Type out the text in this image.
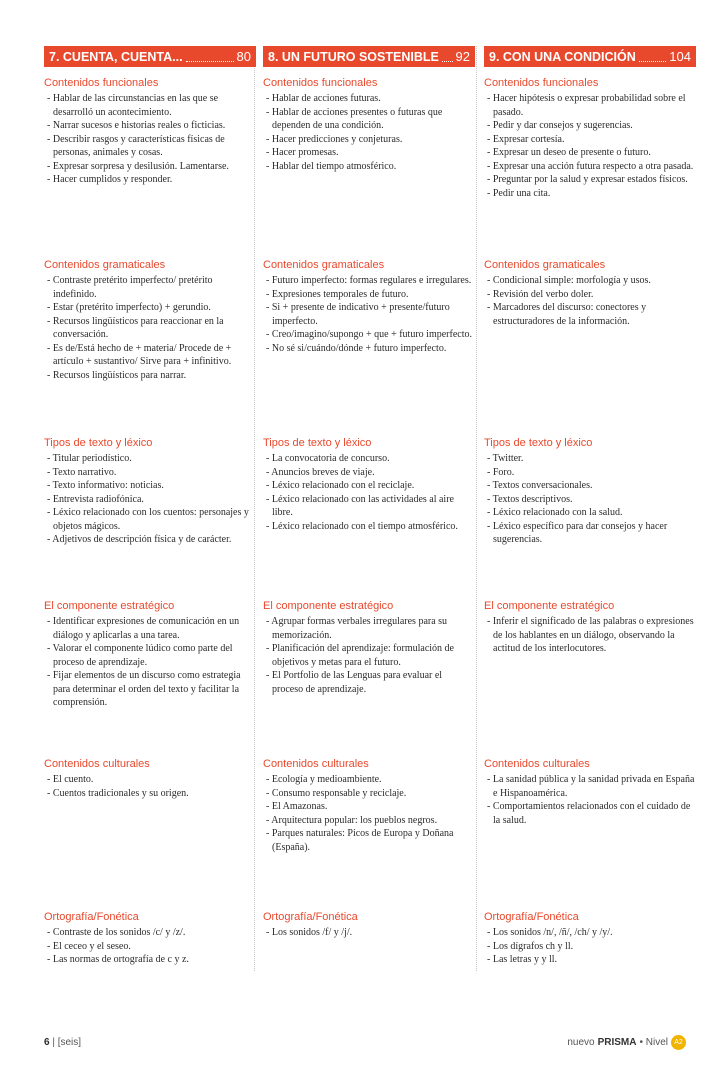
7. CUENTA, CUENTA...	80
Contenidos funcionales
- Hablar de las circunstancias en las que se desarrolló un acontecimiento.
- Narrar sucesos e historias reales o ficticias.
- Describir rasgos y características físicas de personas, animales y cosas.
- Expresar sorpresa y desilusión. Lamentarse.
- Hacer cumplidos y responder.
Contenidos gramaticales
- Contraste pretérito imperfecto/ pretérito indefinido.
- Estar (pretérito imperfecto) + gerundio.
- Recursos lingüísticos para reaccionar en la conversación.
- Es de/Está hecho de + materia/ Procede de + artículo + sustantivo/ Sirve para + infinitivo.
- Recursos lingüísticos para narrar.
Tipos de texto y léxico
- Titular periodístico.
- Texto narrativo.
- Texto informativo: noticias.
- Entrevista radiofónica.
- Léxico relacionado con los cuentos: personajes y objetos mágicos.
- Adjetivos de descripción física y de carácter.
El componente estratégico
- Identificar expresiones de comunicación en un diálogo y aplicarlas a una tarea.
- Valorar el componente lúdico como parte del proceso de aprendizaje.
- Fijar elementos de un discurso como estrategia para determinar el orden del texto y facilitar la comprensión.
Contenidos culturales
- El cuento.
- Cuentos tradicionales y su origen.
Ortografía/Fonética
- Contraste de los sonidos /c/ y /z/.
- El ceceo y el seseo.
- Las normas de ortografía de c y z.
8. UN FUTURO SOSTENIBLE 92
Contenidos funcionales
- Hablar de acciones futuras.
- Hablar de acciones presentes o futuras que dependen de una condición.
- Hacer predicciones y conjeturas.
- Hacer promesas.
- Hablar del tiempo atmosférico.
Contenidos gramaticales
- Futuro imperfecto: formas regulares e irregulares.
- Expresiones temporales de futuro.
- Si + presente de indicativo + presente/futuro imperfecto.
- Creo/imagino/supongo + que + futuro imperfecto.
- No sé si/cuándo/dónde + futuro imperfecto.
Tipos de texto y léxico
- La convocatoria de concurso.
- Anuncios breves de viaje.
- Léxico relacionado con el reciclaje.
- Léxico relacionado con las actividades al aire libre.
- Léxico relacionado con el tiempo atmosférico.
El componente estratégico
- Agrupar formas verbales irregulares para su memorización.
- Planificación del aprendizaje: formulación de objetivos y metas para el futuro.
- El Portfolio de las Lenguas para evaluar el proceso de aprendizaje.
Contenidos culturales
- Ecología y medioambiente.
- Consumo responsable y reciclaje.
- El Amazonas.
- Arquitectura popular: los pueblos negros.
- Parques naturales: Picos de Europa y Doñana (España).
Ortografía/Fonética
- Los sonidos /f/ y /j/.
9. CON UNA CONDICIÓN	104
Contenidos funcionales
- Hacer hipótesis o expresar probabilidad sobre el pasado.
- Pedir y dar consejos y sugerencias.
- Expresar cortesía.
- Expresar un deseo de presente o futuro.
- Expresar una acción futura respecto a otra pasada.
- Preguntar por la salud y expresar estados físicos.
- Pedir una cita.
Contenidos gramaticales
- Condicional simple: morfología y usos.
- Revisión del verbo doler.
- Marcadores del discurso: conectores y estructuradores de la información.
Tipos de texto y léxico
- Twitter.
- Foro.
- Textos conversacionales.
- Textos descriptivos.
- Léxico relacionado con la salud.
- Léxico específico para dar consejos y hacer sugerencias.
El componente estratégico
- Inferir el significado de las palabras o expresiones de los hablantes en un diálogo, observando la actitud de los interlocutores.
Contenidos culturales
- La sanidad pública y la sanidad privada en España e Hispanoamérica.
- Comportamientos relacionados con el cuidado de la salud.
Ortografía/Fonética
- Los sonidos /n/, /ñ/, /ch/ y /y/.
- Los dígrafos ch y ll.
- Las letras y y ll.
6 | [seis]	nuevo PRISMA • Nivel A2
